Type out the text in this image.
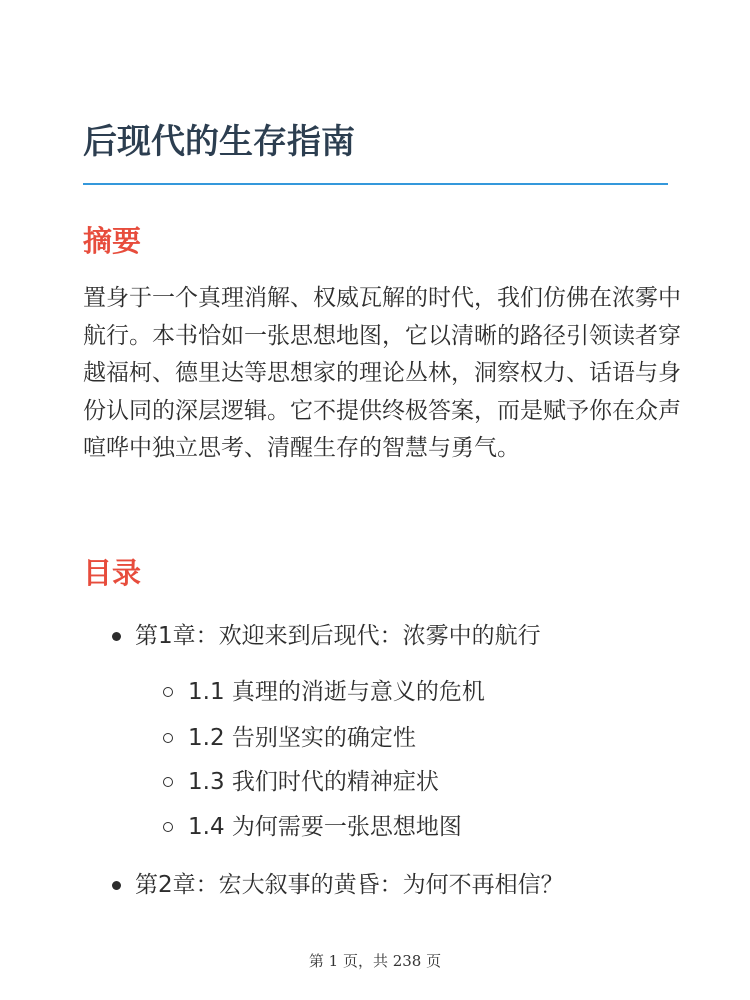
后现代的生存指南
摘要

置身于一个真理消解、权威瓦解的时代，我们仿佛在浓雾中航行。本书恰如一张思想地图，它以清晰的路径引领读者穿越福柯、德里达等思想家的理论丛林，洞察权力、话语与身份认同的深层逻辑。它不提供终极答案，而是赋予你在众声喧哗中独立思考、清醒生存的智慧与勇气。

目录
第1章：欢迎来到后现代：浓雾中的航行
1.1 真理的消逝与意义的危机
1.2 告别坚实的确定性
1.3 我们时代的精神症状
1.4 为何需要一张思想地图
第2章：宏大叙事的黄昏：为何不再相信？
第 1 页，共 238 页
